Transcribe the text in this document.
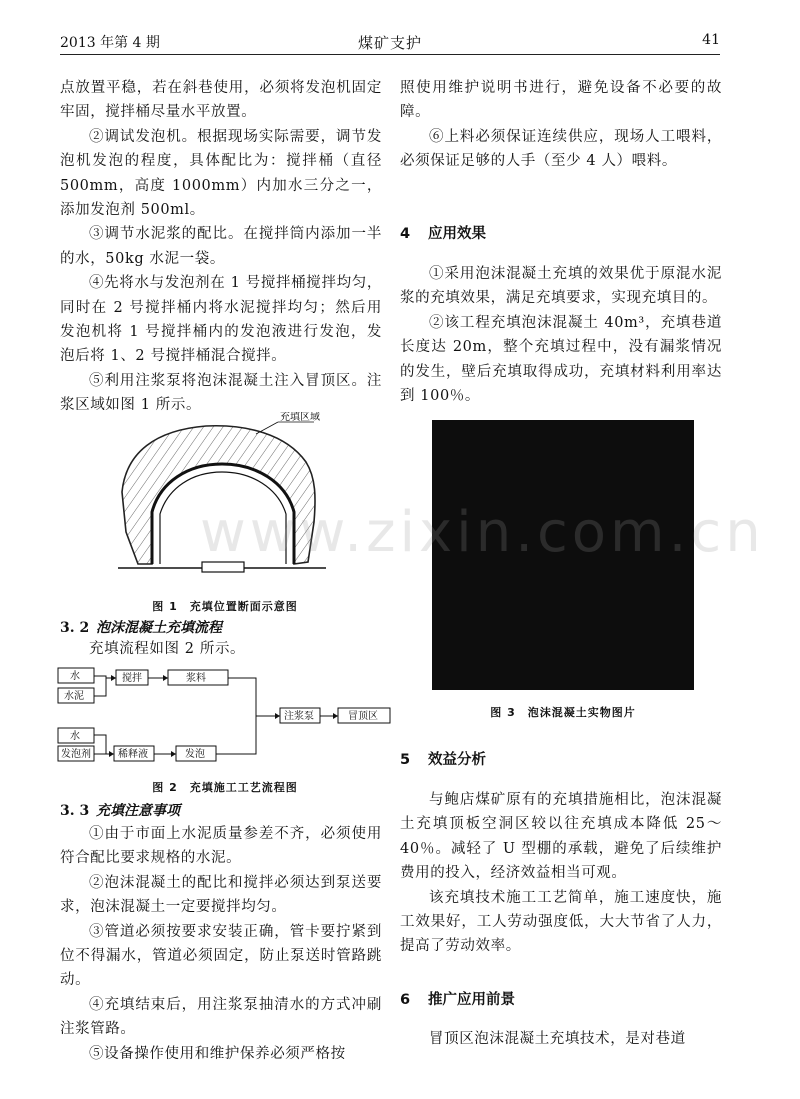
2013 年第 4 期	煤矿支护	41

点放置平稳，若在斜巷使用，必须将发泡机固定牢固，搅拌桶尽量水平放置。

②调试发泡机。根据现场实际需要，调节发泡机发泡的程度，具体配比为：搅拌桶（直径 500mm，高度 1000mm）内加水三分之一，添加发泡剂 500ml。

③调节水泥浆的配比。在搅拌筒内添加一半的水，50kg 水泥一袋。

④先将水与发泡剂在 1 号搅拌桶搅拌均匀，同时在 2 号搅拌桶内将水泥搅拌均匀；然后用发泡机将 1 号搅拌桶内的发泡液进行发泡，发泡后将 1、2 号搅拌桶混合搅拌。

⑤利用注浆泵将泡沫混凝土注入冒顶区。注浆区域如图 1 所示。

充填区域
图 1　充填位置断面示意图
3. 2 泡沫混凝土充填流程

充填流程如图 2 所示。

水
水泥
搅拌	浆料
水
发泡剂	稀释液	发泡
注浆泵	冒顶区
图 2　充填施工工艺流程图
3. 3 充填注意事项

①由于市面上水泥质量参差不齐，必须使用符合配比要求规格的水泥。

②泡沫混凝土的配比和搅拌必须达到泵送要求，泡沫混凝土一定要搅拌均匀。

③管道必须按要求安装正确，管卡要拧紧到位不得漏水，管道必须固定，防止泵送时管路跳动。

④充填结束后，用注浆泵抽清水的方式冲刷注浆管路。

⑤设备操作使用和维护保养必须严格按

照使用维护说明书进行，避免设备不必要的故障。

⑥上料必须保证连续供应，现场人工喂料，必须保证足够的人手（至少 4 人）喂料。

4 应用效果

①采用泡沫混凝土充填的效果优于原混水泥浆的充填效果，满足充填要求，实现充填目的。

②该工程充填泡沫混凝土 40m³，充填巷道长度达 20m，整个充填过程中，没有漏浆情况的发生，壁后充填取得成功，充填材料利用率达到 100％。

图 3　泡沫混凝土实物图片
5 效益分析

与鲍店煤矿原有的充填措施相比，泡沫混凝土充填顶板空洞区较以往充填成本降低 25～40％。减轻了 U 型棚的承载，避免了后续维护费用的投入，经济效益相当可观。

该充填技术施工工艺简单，施工速度快，施工效果好，工人劳动强度低，大大节省了人力，提高了劳动效率。

6 推广应用前景

冒顶区泡沫混凝土充填技术，是对巷道

www.zixin.com.cn
